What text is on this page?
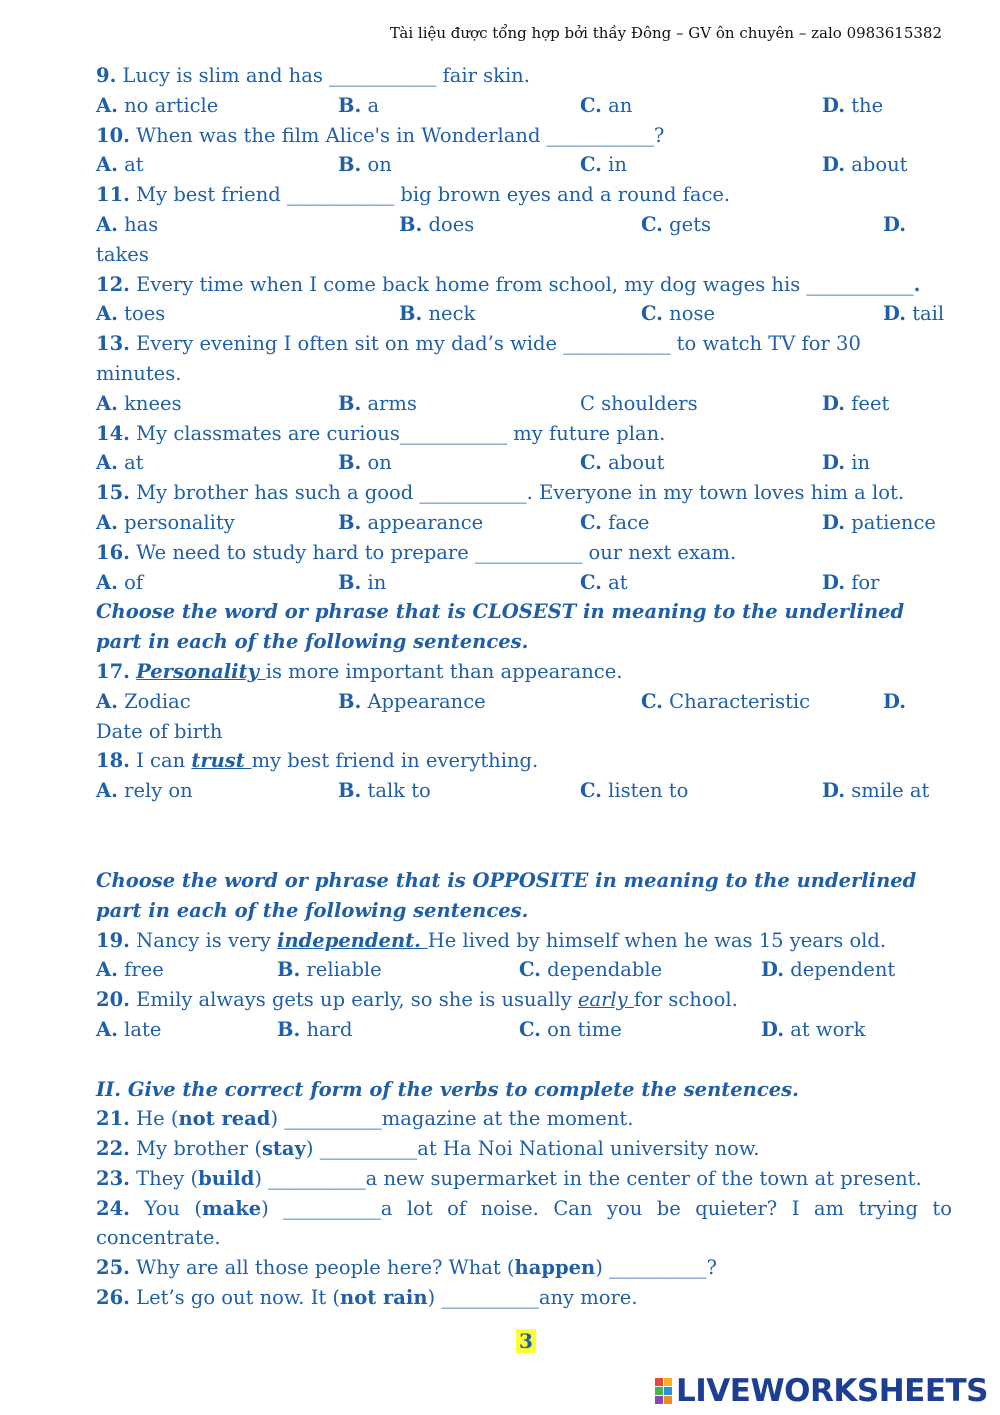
Tài liệu được tổng hợp bởi thầy Đông – GV ôn chuyên – zalo 0983615382
9. Lucy is slim and has ___________ fair skin.
A. no article	B. a	C. an	D. the
10. When was the film Alice's in Wonderland ___________?
A. at	B. on	C. in	D. about
11. My best friend ___________ big brown eyes and a round face.
A. has	B. does	C. gets	D.
takes
12. Every time when I come back home from school, my dog wages his ___________.
A. toes	B. neck	C. nose	D. tail
13. Every evening I often sit on my dad’s wide ___________ to watch TV for 30
minutes.
A. knees	B. arms	C shoulders	D. feet
14. My classmates are curious___________ my future plan.
A. at	B. on	C. about	D. in
15. My brother has such a good ___________. Everyone in my town loves him a lot.
A. personality	B. appearance	C. face	D. patience
16. We need to study hard to prepare ___________ our next exam.
A. of	B. in	C. at	D. for
Choose the word or phrase that is CLOSEST in meaning to the underlined part in each of the following sentences.
17. Personality is more important than appearance.
A. Zodiac	B. Appearance	C. Characteristic	D.
Date of birth
18. I can trust my best friend in everything.
A. rely on	B. talk to	C. listen to	D. smile at
Choose the word or phrase that is OPPOSITE in meaning to the underlined part in each of the following sentences.
19. Nancy is very independent. He lived by himself when he was 15 years old.
A. free	B. reliable	C. dependable	D. dependent
20. Emily always gets up early, so she is usually early for school.
A. late	B. hard	C. on time	D. at work
II. Give the correct form of the verbs to complete the sentences.
21. He (not read) __________magazine at the moment.
22. My brother (stay) __________at Ha Noi National university now.
23. They (build) __________a new supermarket in the center of the town at present.
24. You (make) __________a lot of noise. Can you be quieter? I am trying to concentrate.
25. Why are all those people here? What (happen) __________?
26. Let’s go out now. It (not rain) __________any more.
3
LIVEWORKSHEETS
